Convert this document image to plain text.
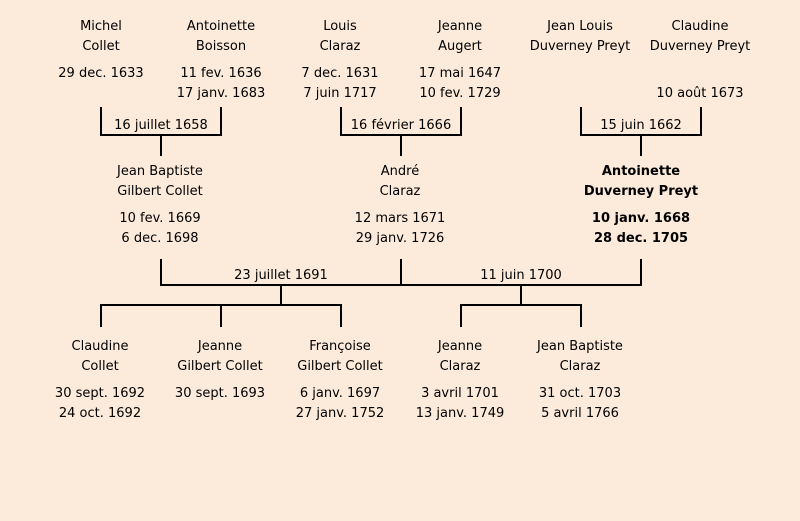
Michel
Collet
29 dec. 1633

Antoinette
Boisson
11 fev. 1636
17 janv. 1683
Louis
Claraz
7 dec. 1631
7 juin 1717
Jeanne
Augert
17 mai 1647
10 fev. 1729
Jean Louis
Duverney Preyt

Claudine
Duverney Preyt

10 août 1673
16 juillet 1658	16 février 1666	15 juin 1662
Jean Baptiste
Gilbert Collet
10 fev. 1669
6 dec. 1698
André
Claraz
12 mars 1671
29 janv. 1726
Antoinette
Duverney Preyt
10 janv. 1668
28 dec. 1705
23 juillet 1691	11 juin 1700
Claudine
Collet
30 sept. 1692
24 oct. 1692
Jeanne
Gilbert Collet
30 sept. 1693

Françoise
Gilbert Collet
6 janv. 1697
27 janv. 1752
Jeanne
Claraz
3 avril 1701
13 janv. 1749
Jean Baptiste
Claraz
31 oct. 1703
5 avril 1766
